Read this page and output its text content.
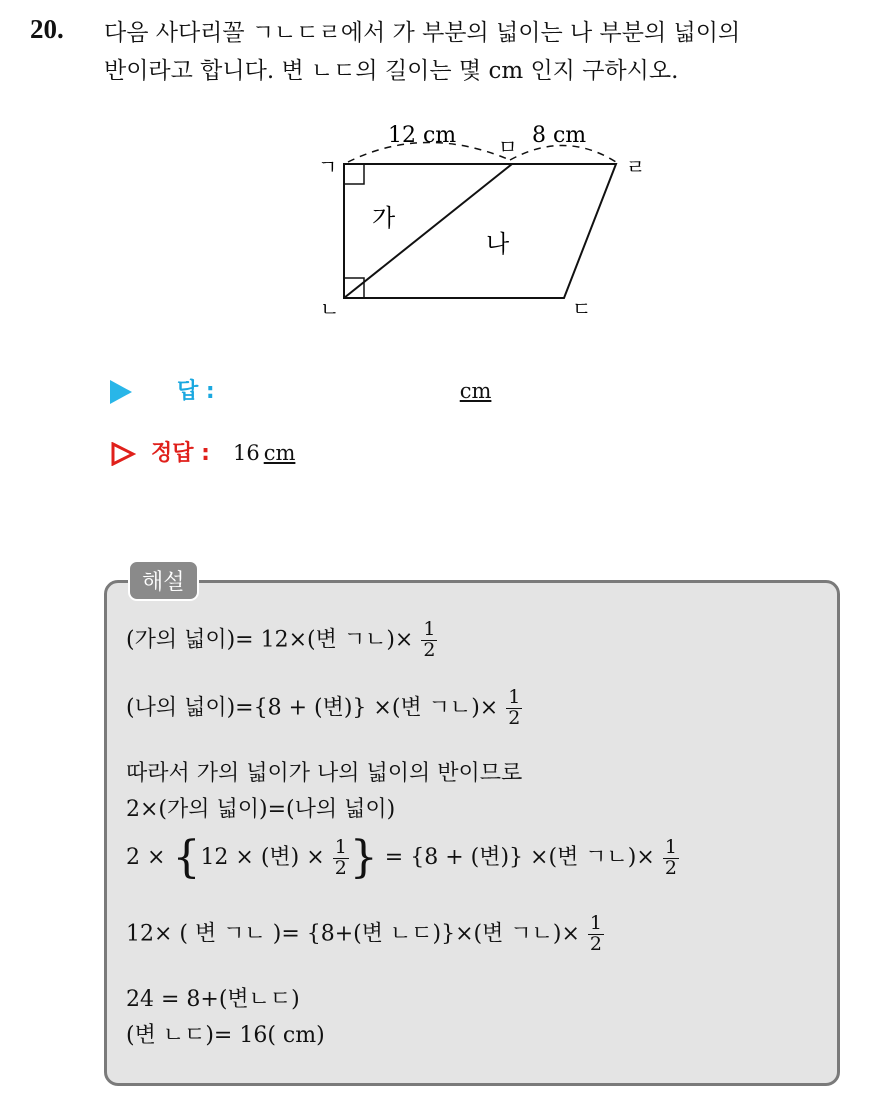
20. 다음 사다리꼴 ㄱㄴㄷㄹ에서 가 부분의 넓이는 나 부분의 넓이의
반이라고 합니다. 변 ㄴㄷ의 길이는 몇 cm 인지 구하시오.
12 cm	8 cm
ㅁ
ㄱ
ㄴ	ㄷ
ㄹ
가
나
답 :	cm
정답 : 16 cm
해설
(가의 넓이)= 12×(변 ㄱㄴ)× $\frac{1}{2}$
(나의 넓이)={8 + (변)} ×(변 ㄱㄴ)× $\frac{1}{2}$
따라서 가의 넓이가 나의 넓이의 반이므로
2×(가의 넓이)=(나의 넓이)
2 × {12 × (변) × $\frac{1}{2}$ } = {8 + (변)} ×(변 ㄱㄴ)× $\frac{1}{2}$
12× ( 변 ㄱㄴ )= {8+(변 ㄴㄷ)}×(변 ㄱㄴ)× $\frac{1}{2}$
24 = 8+(변ㄴㄷ)
(변 ㄴㄷ)= 16( cm)
